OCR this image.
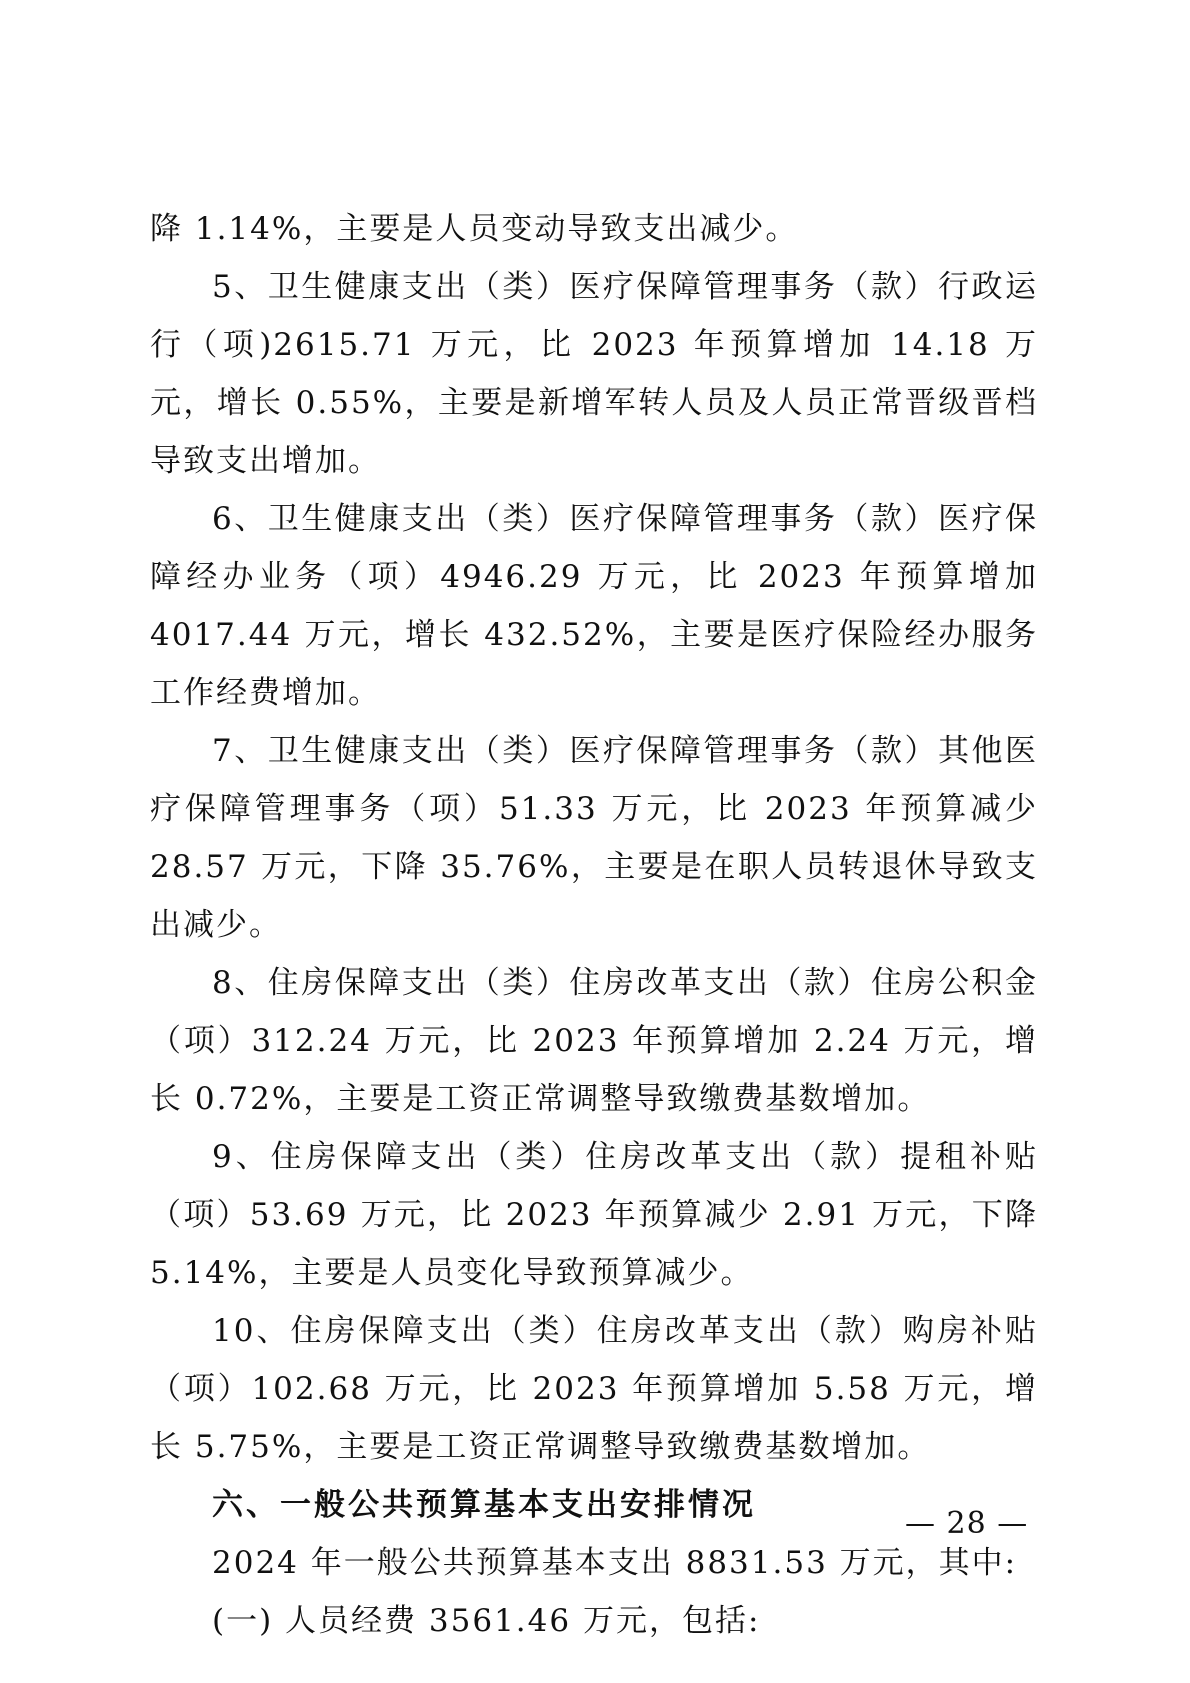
降 1.14%，主要是人员变动导致支出减少。

5、卫生健康支出（类）医疗保障管理事务（款）行政运行（项)2615.71 万元，比 2023 年预算增加 14.18 万元，增长 0.55%，主要是新增军转人员及人员正常晋级晋档导致支出增加。

6、卫生健康支出（类）医疗保障管理事务（款）医疗保障经办业务（项）4946.29 万元，比 2023 年预算增加 4017.44 万元，增长 432.52%，主要是医疗保险经办服务工作经费增加。

7、卫生健康支出（类）医疗保障管理事务（款）其他医疗保障管理事务（项）51.33 万元，比 2023 年预算减少 28.57 万元，下降 35.76%，主要是在职人员转退休导致支出减少。

8、住房保障支出（类）住房改革支出（款）住房公积金（项）312.24 万元，比 2023 年预算增加 2.24 万元，增长 0.72%，主要是工资正常调整导致缴费基数增加。

9、住房保障支出（类）住房改革支出（款）提租补贴（项）53.69 万元，比 2023 年预算减少 2.91 万元，下降 5.14%，主要是人员变化导致预算减少。

10、住房保障支出（类）住房改革支出（款）购房补贴（项）102.68 万元，比 2023 年预算增加 5.58 万元，增长 5.75%，主要是工资正常调整导致缴费基数增加。

六、一般公共预算基本支出安排情况

2024 年一般公共预算基本支出 8831.53 万元，其中:

(一) 人员经费 3561.46 万元，包括:

— 28 —
